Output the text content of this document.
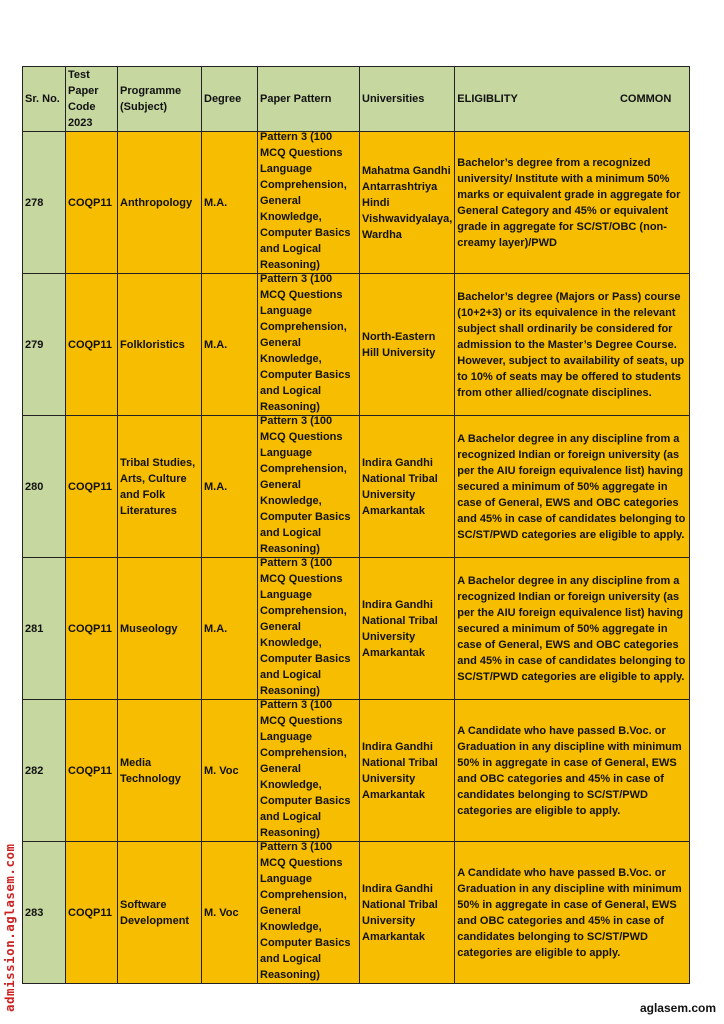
Sr. No.	Test Paper Code 2023	Programme (Subject)	Degree	Paper Pattern	Universities	ELIGIBLITY COMMON

278	COQP11	Anthropology	M.A.	Pattern 3 (100 MCQ Questions Language Comprehension, General Knowledge, Computer Basics and Logical Reasoning)	Mahatma Gandhi Antarrashtriya Hindi Vishwavidyalaya, Wardha	Bachelor’s degree from a recognized university/ Institute with a minimum 50% marks or equivalent grade in aggregate for General Category and 45% or equivalent grade in aggregate for SC/ST/OBC (non-creamy layer)/PWD
279	COQP11	Folkloristics	M.A.	Pattern 3 (100 MCQ Questions Language Comprehension, General Knowledge, Computer Basics and Logical Reasoning)	North-Eastern Hill University	Bachelor’s degree (Majors or Pass) course (10+2+3) or its equivalence in the relevant subject shall ordinarily be considered for admission to the Master’s Degree Course. However, subject to availability of seats, up to 10% of seats may be offered to students from other allied/cognate disciplines.
280	COQP11	Tribal Studies, Arts, Culture and Folk Literatures	M.A.	Pattern 3 (100 MCQ Questions Language Comprehension, General Knowledge, Computer Basics and Logical Reasoning)	Indira Gandhi National Tribal University Amarkantak	A Bachelor degree in any discipline from a recognized Indian or foreign university (as per the AIU foreign equivalence list) having secured a minimum of 50% aggregate in case of General, EWS and OBC categories and 45% in case of candidates belonging to SC/ST/PWD categories are eligible to apply.
281	COQP11	Museology	M.A.	Pattern 3 (100 MCQ Questions Language Comprehension, General Knowledge, Computer Basics and Logical Reasoning)	Indira Gandhi National Tribal University Amarkantak	A Bachelor degree in any discipline from a recognized Indian or foreign university (as per the AIU foreign equivalence list) having secured a minimum of 50% aggregate in case of General, EWS and OBC categories and 45% in case of candidates belonging to SC/ST/PWD categories are eligible to apply.
282	COQP11	Media Technology	M. Voc	Pattern 3 (100 MCQ Questions Language Comprehension, General Knowledge, Computer Basics and Logical Reasoning)	Indira Gandhi National Tribal University Amarkantak	A Candidate who have passed B.Voc. or Graduation in any discipline with minimum 50% in aggregate in case of General, EWS and OBC categories and 45% in case of candidates belonging to SC/ST/PWD categories are eligible to apply.
283	COQP11	Software Development	M. Voc	Pattern 3 (100 MCQ Questions Language Comprehension, General Knowledge, Computer Basics and Logical Reasoning)	Indira Gandhi National Tribal University Amarkantak	A Candidate who have passed B.Voc. or Graduation in any discipline with minimum 50% in aggregate in case of General, EWS and OBC categories and 45% in case of candidates belonging to SC/ST/PWD categories are eligible to apply.
admission.aglasem.com	aglasem.com
